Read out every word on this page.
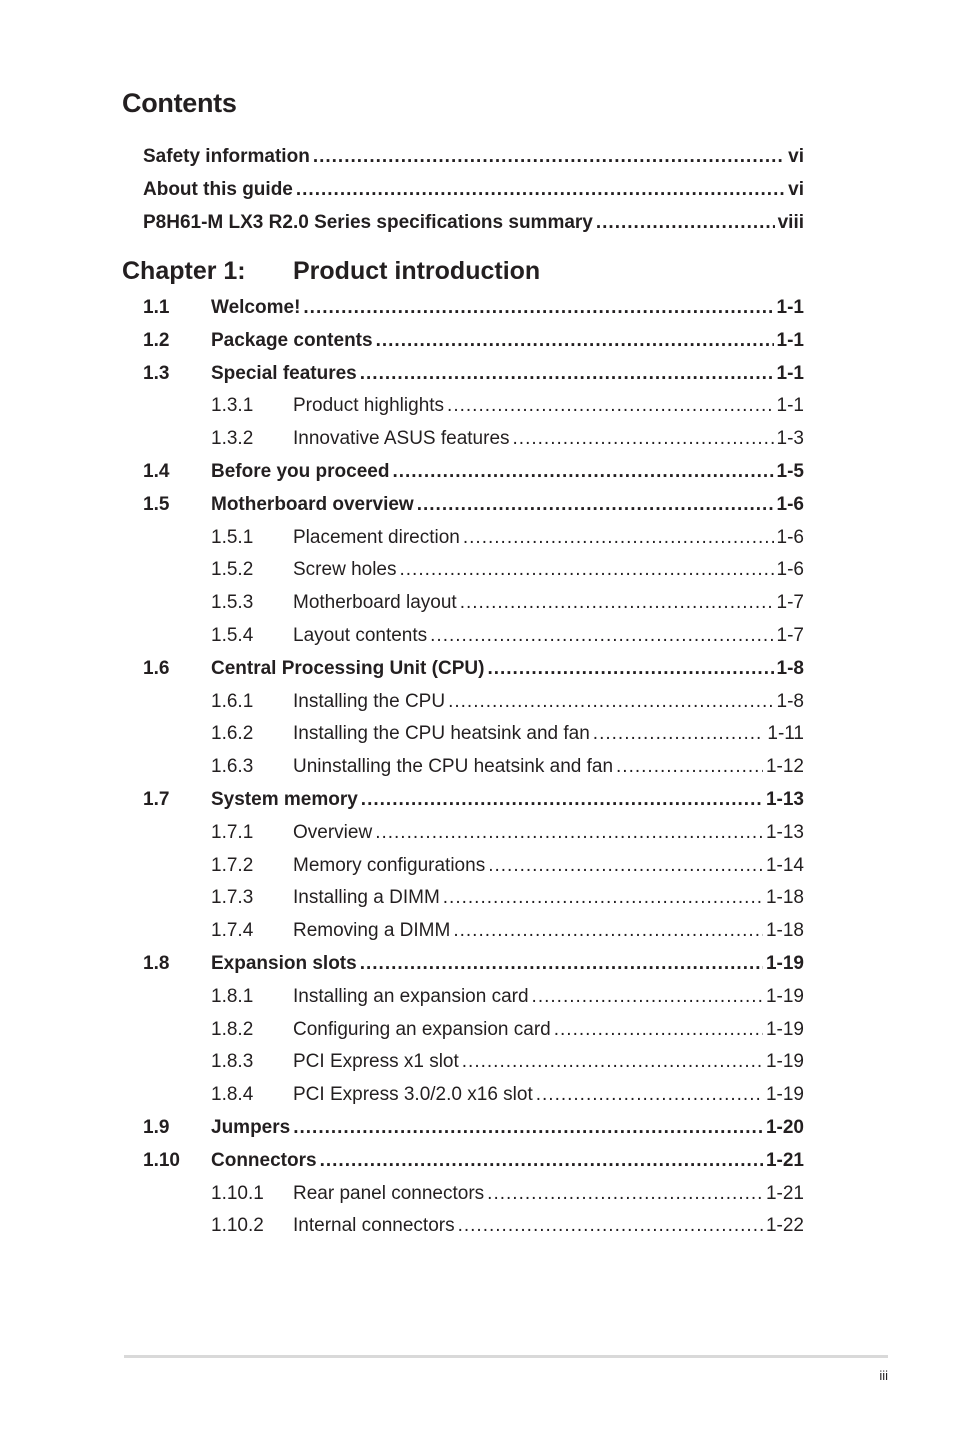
Contents
Safety information .....	vi
About this guide .....	vi
P8H61-M LX3 R2.0 Series specifications summary .....	viii
Chapter 1:	Product introduction
1.1	Welcome! .....	1-1
1.2	Package contents .....	1-1
1.3	Special features .....	1-1
1.3.1	Product highlights .....	1-1
1.3.2	Innovative ASUS features .....	1-3
1.4	Before you proceed .....	1-5
1.5	Motherboard overview .....	1-6
1.5.1	Placement direction .....	1-6
1.5.2	Screw holes .....	1-6
1.5.3	Motherboard layout .....	1-7
1.5.4	Layout contents .....	1-7
1.6	Central Processing Unit (CPU) .....	1-8
1.6.1	Installing the CPU .....	1-8
1.6.2	Installing the CPU heatsink and fan .....	1-11
1.6.3	Uninstalling the CPU heatsink and fan .....	1-12
1.7	System memory .....	1-13
1.7.1	Overview .....	1-13
1.7.2	Memory configurations .....	1-14
1.7.3	Installing a DIMM .....	1-18
1.7.4	Removing a DIMM .....	1-18
1.8	Expansion slots .....	1-19
1.8.1	Installing an expansion card .....	1-19
1.8.2	Configuring an expansion card .....	1-19
1.8.3	PCI Express x1 slot .....	1-19
1.8.4	PCI Express 3.0/2.0 x16 slot .....	1-19
1.9	Jumpers .....	1-20
1.10	Connectors .....	1-21
1.10.1	Rear panel connectors .....	1-21
1.10.2	Internal connectors .....	1-22
iii
